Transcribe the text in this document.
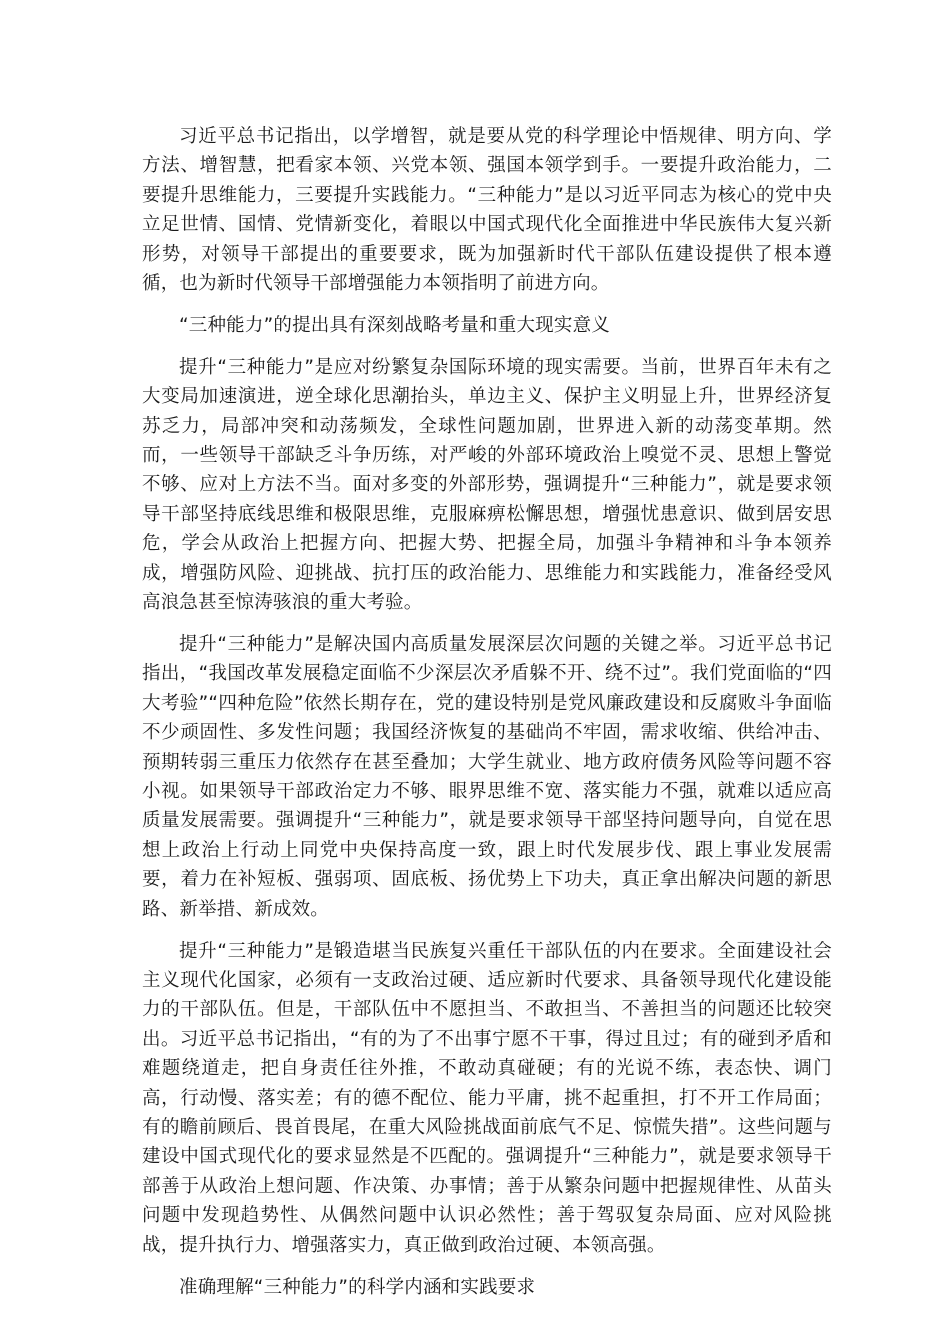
习近平总书记指出，以学增智，就是要从党的科学理论中悟规律、明方向、学方法、增智慧，把看家本领、兴党本领、强国本领学到手。一要提升政治能力，二要提升思维能力，三要提升实践能力。“三种能力”是以习近平同志为核心的党中央立足世情、国情、党情新变化，着眼以中国式现代化全面推进中华民族伟大复兴新形势，对领导干部提出的重要要求，既为加强新时代干部队伍建设提供了根本遵循，也为新时代领导干部增强能力本领指明了前进方向。

“三种能力”的提出具有深刻战略考量和重大现实意义

提升“三种能力”是应对纷繁复杂国际环境的现实需要。当前，世界百年未有之大变局加速演进，逆全球化思潮抬头，单边主义、保护主义明显上升，世界经济复苏乏力，局部冲突和动荡频发，全球性问题加剧，世界进入新的动荡变革期。然而，一些领导干部缺乏斗争历练，对严峻的外部环境政治上嗅觉不灵、思想上警觉不够、应对上方法不当。面对多变的外部形势，强调提升“三种能力”，就是要求领导干部坚持底线思维和极限思维，克服麻痹松懈思想，增强忧患意识、做到居安思危，学会从政治上把握方向、把握大势、把握全局，加强斗争精神和斗争本领养成，增强防风险、迎挑战、抗打压的政治能力、思维能力和实践能力，准备经受风高浪急甚至惊涛骇浪的重大考验。

提升“三种能力”是解决国内高质量发展深层次问题的关键之举。习近平总书记指出，“我国改革发展稳定面临不少深层次矛盾躲不开、绕不过”。我们党面临的“四大考验”“四种危险”依然长期存在，党的建设特别是党风廉政建设和反腐败斗争面临不少顽固性、多发性问题；我国经济恢复的基础尚不牢固，需求收缩、供给冲击、预期转弱三重压力依然存在甚至叠加；大学生就业、地方政府债务风险等问题不容小视。如果领导干部政治定力不够、眼界思维不宽、落实能力不强，就难以适应高质量发展需要。强调提升“三种能力”，就是要求领导干部坚持问题导向，自觉在思想上政治上行动上同党中央保持高度一致，跟上时代发展步伐、跟上事业发展需要，着力在补短板、强弱项、固底板、扬优势上下功夫，真正拿出解决问题的新思路、新举措、新成效。

提升“三种能力”是锻造堪当民族复兴重任干部队伍的内在要求。全面建设社会主义现代化国家，必须有一支政治过硬、适应新时代要求、具备领导现代化建设能力的干部队伍。但是，干部队伍中不愿担当、不敢担当、不善担当的问题还比较突出。习近平总书记指出，“有的为了不出事宁愿不干事，得过且过；有的碰到矛盾和难题绕道走，把自身责任往外推，不敢动真碰硬；有的光说不练，表态快、调门高，行动慢、落实差；有的德不配位、能力平庸，挑不起重担，打不开工作局面；有的瞻前顾后、畏首畏尾，在重大风险挑战面前底气不足、惊慌失措”。这些问题与建设中国式现代化的要求显然是不匹配的。强调提升“三种能力”，就是要求领导干部善于从政治上想问题、作决策、办事情；善于从繁杂问题中把握规律性、从苗头问题中发现趋势性、从偶然问题中认识必然性；善于驾驭复杂局面、应对风险挑战，提升执行力、增强落实力，真正做到政治过硬、本领高强。

准确理解“三种能力”的科学内涵和实践要求
